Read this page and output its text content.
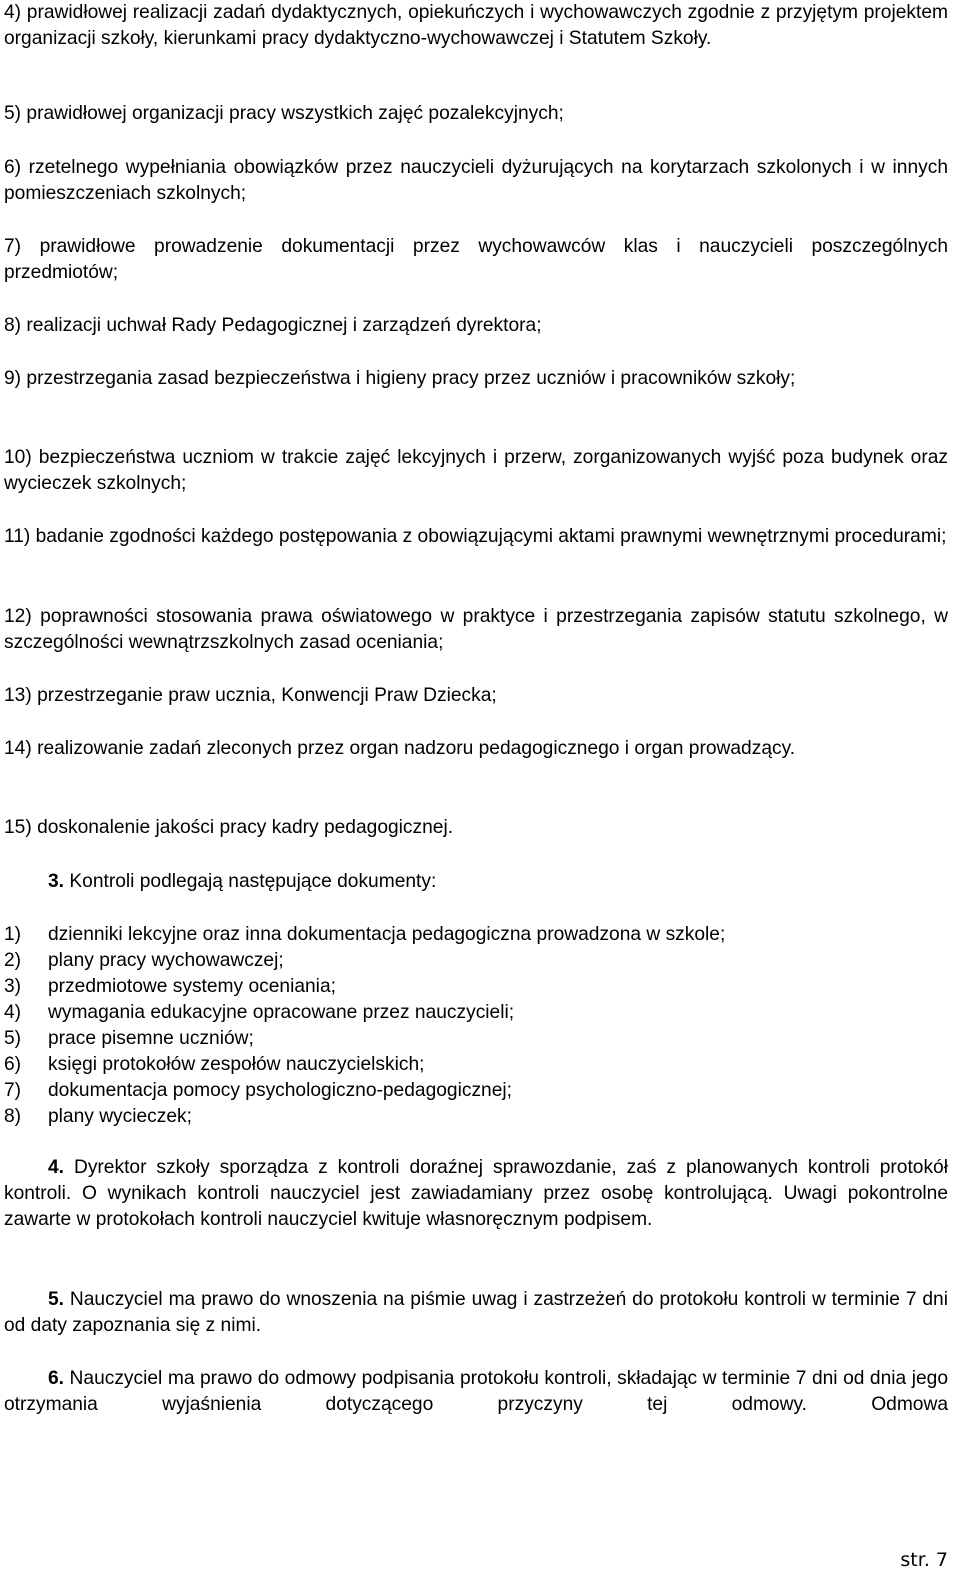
4) prawidłowej realizacji zadań dydaktycznych, opiekuńczych i wychowawczych zgodnie z przyjętym projektem organizacji szkoły, kierunkami pracy dydaktyczno-wychowawczej i Statutem Szkoły.

5) prawidłowej organizacji pracy wszystkich zajęć pozalekcyjnych;

6) rzetelnego wypełniania obowiązków przez nauczycieli dyżurujących na korytarzach szkolonych i w innych pomieszczeniach szkolnych;

7) prawidłowe prowadzenie dokumentacji przez wychowawców klas i nauczycieli poszczególnych przedmiotów;

8) realizacji uchwał Rady Pedagogicznej i zarządzeń dyrektora;

9) przestrzegania zasad bezpieczeństwa i higieny pracy przez uczniów i pracowników szkoły;

10) bezpieczeństwa uczniom w trakcie zajęć lekcyjnych i przerw, zorganizowanych wyjść poza budynek oraz wycieczek szkolnych;

11) badanie zgodności każdego postępowania z obowiązującymi aktami prawnymi wewnętrznymi procedurami;

12) poprawności stosowania prawa oświatowego w praktyce i przestrzegania zapisów statutu szkolnego, w szczególności wewnątrzszkolnych zasad oceniania;

13) przestrzeganie praw ucznia, Konwencji Praw Dziecka;

14) realizowanie zadań zleconych przez organ nadzoru pedagogicznego i organ prowadzący.

15) doskonalenie jakości pracy kadry pedagogicznej.

3. Kontroli podlegają następujące dokumenty:

1)	dzienniki lekcyjne oraz inna dokumentacja pedagogiczna prowadzona w szkole;
2)	plany pracy wychowawczej;
3)	przedmiotowe systemy oceniania;
4)	wymagania edukacyjne opracowane przez nauczycieli;
5)	prace pisemne uczniów;
6)	księgi protokołów zespołów nauczycielskich;
7)	dokumentacja pomocy psychologiczno-pedagogicznej;
8)	plany wycieczek;

4. Dyrektor szkoły sporządza z kontroli doraźnej sprawozdanie, zaś z planowanych kontroli protokół kontroli. O wynikach kontroli nauczyciel jest zawiadamiany przez osobę kontrolującą. Uwagi pokontrolne zawarte w protokołach kontroli nauczyciel kwituje własnoręcznym podpisem.

5. Nauczyciel ma prawo do wnoszenia na piśmie uwag i zastrzeżeń do protokołu kontroli w terminie 7 dni od daty zapoznania się z nimi.

6. Nauczyciel ma prawo do odmowy podpisania protokołu kontroli, składając w terminie 7 dni od dnia jego otrzymania wyjaśnienia dotyczącego przyczyny tej odmowy. Odmowa

str. 7
